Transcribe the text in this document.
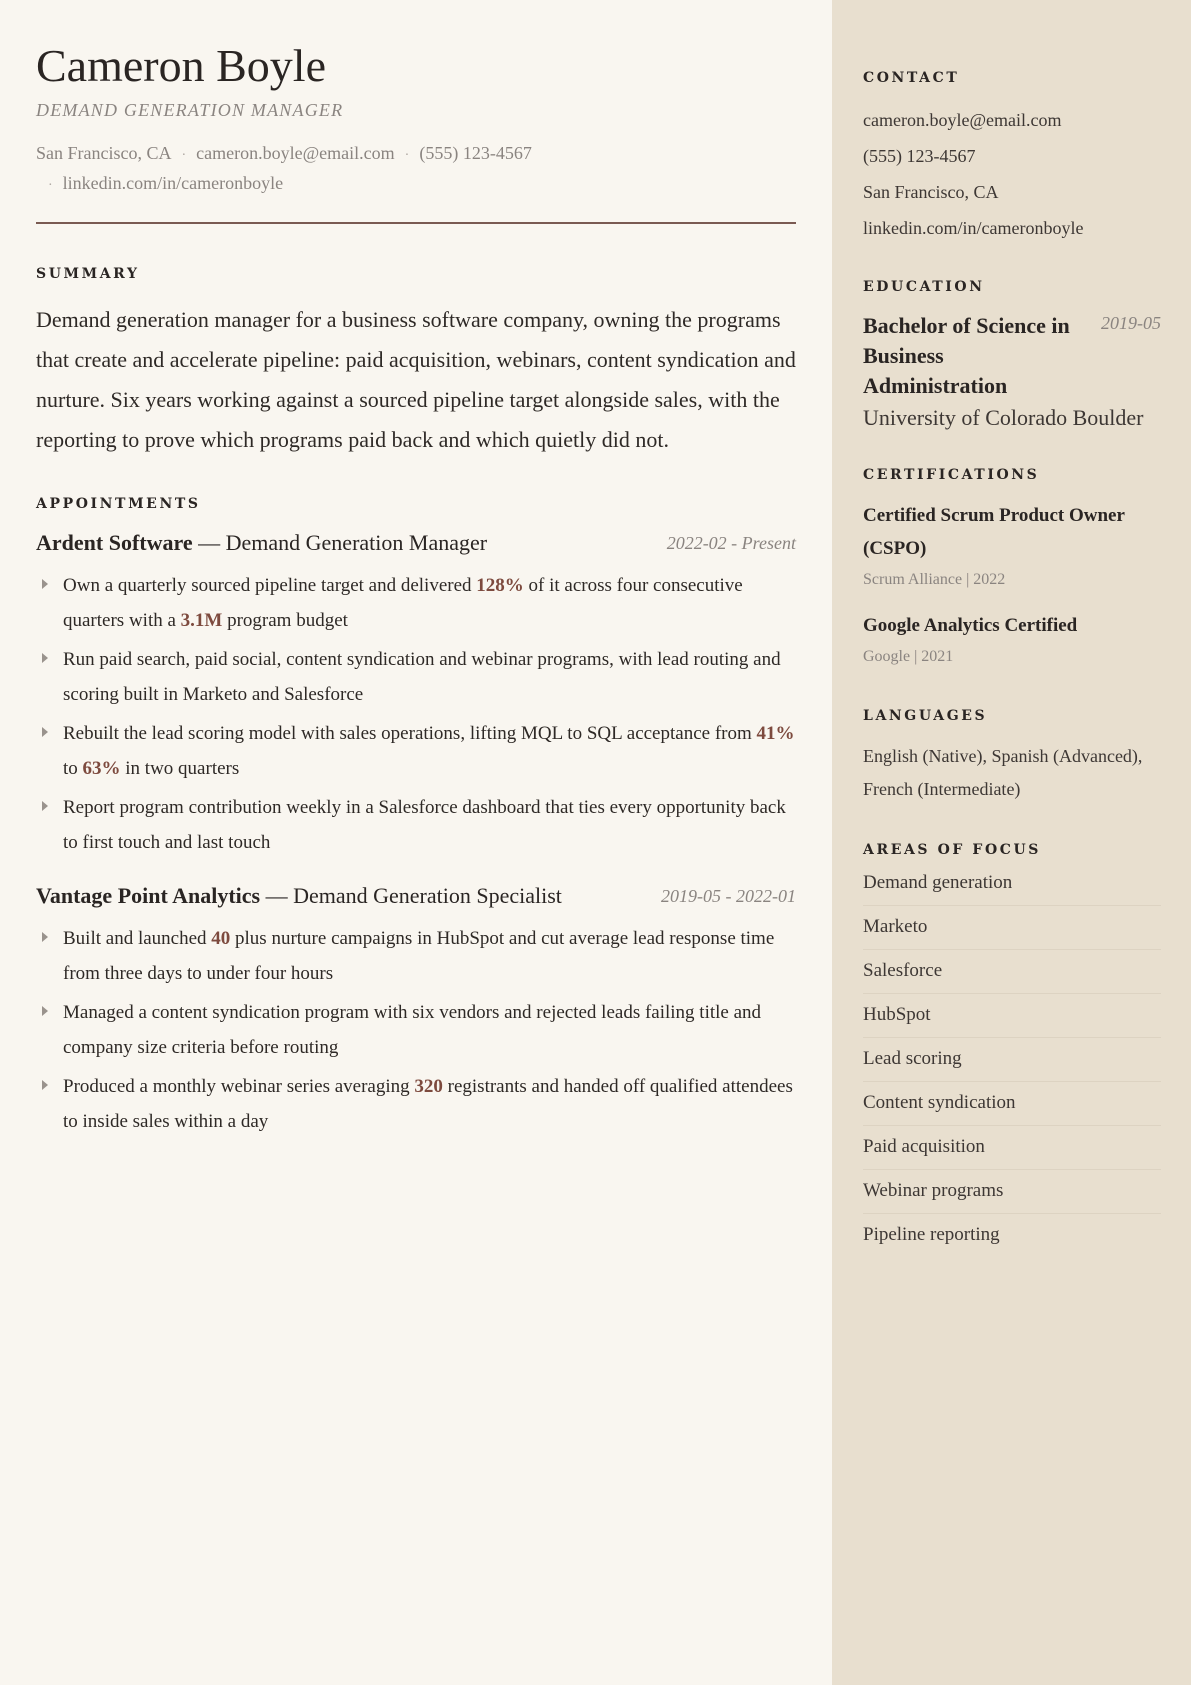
Cameron Boyle
DEMAND GENERATION MANAGER
San Francisco, CA · cameron.boyle@email.com · (555) 123-4567
· linkedin.com/in/cameronboyle
SUMMARY

Demand generation manager for a business software company, owning the programs that create and accelerate pipeline: paid acquisition, webinars, content syndication and nurture. Six years working against a sourced pipeline target alongside sales, with the reporting to prove which programs paid back and which quietly did not.

APPOINTMENTS
Ardent Software — Demand Generation Manager	2022-02 - Present
Own a quarterly sourced pipeline target and delivered 128% of it across four consecutive quarters with a 3.1M program budget
Run paid search, paid social, content syndication and webinar programs, with lead routing and scoring built in Marketo and Salesforce
Rebuilt the lead scoring model with sales operations, lifting MQL to SQL acceptance from 41% to 63% in two quarters
Report program contribution weekly in a Salesforce dashboard that ties every opportunity back to first touch and last touch
Vantage Point Analytics — Demand Generation Specialist	2019-05 - 2022-01
Built and launched 40 plus nurture campaigns in HubSpot and cut average lead response time from three days to under four hours
Managed a content syndication program with six vendors and rejected leads failing title and company size criteria before routing
Produced a monthly webinar series averaging 320 registrants and handed off qualified attendees to inside sales within a day
CONTACT
cameron.boyle@email.com
(555) 123-4567
San Francisco, CA
linkedin.com/in/cameronboyle
EDUCATION
Bachelor of Science in Business Administration
2019-05
University of Colorado Boulder
CERTIFICATIONS
Certified Scrum Product Owner (CSPO)
Scrum Alliance | 2022
Google Analytics Certified
Google | 2021
LANGUAGES
English (Native), Spanish (Advanced), French (Intermediate)
AREAS OF FOCUS
Demand generation
Marketo
Salesforce
HubSpot
Lead scoring
Content syndication
Paid acquisition
Webinar programs
Pipeline reporting
